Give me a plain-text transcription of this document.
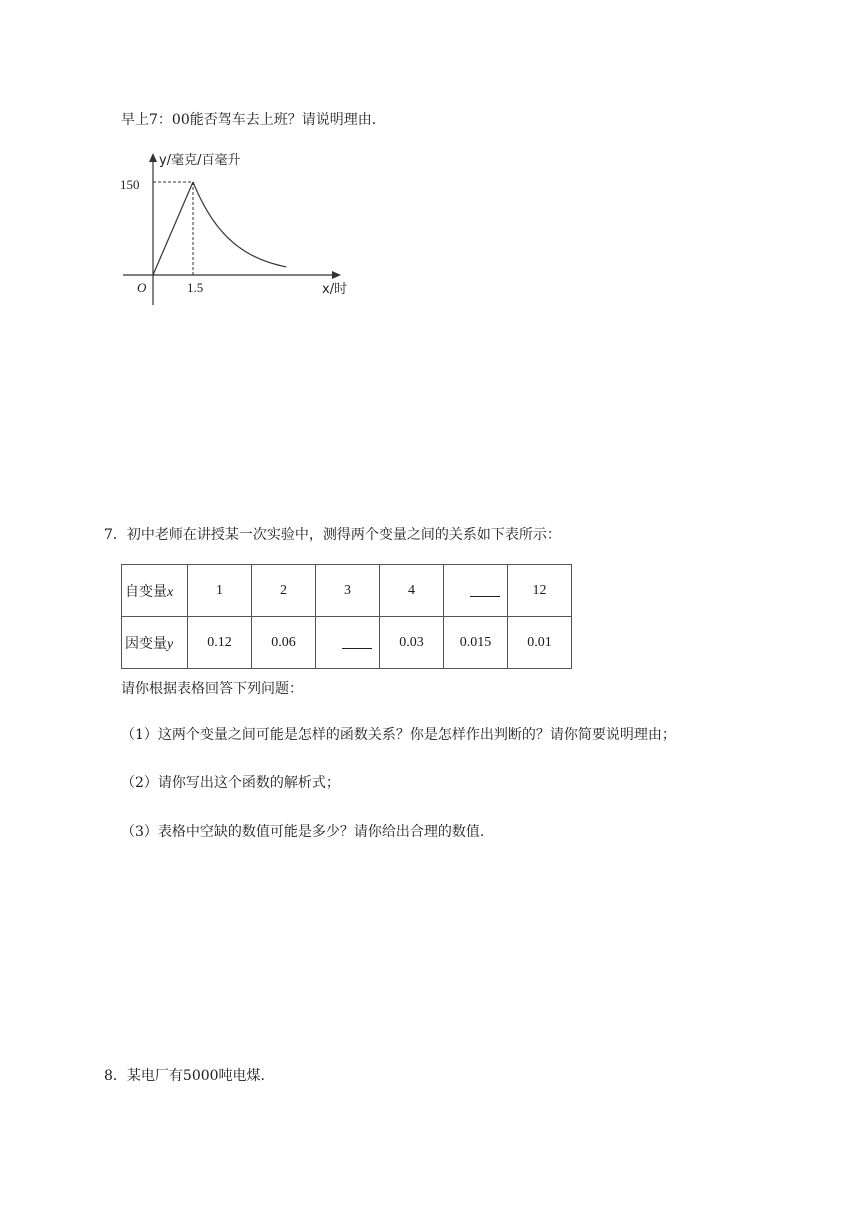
早上7：00能否驾车去上班？请说明理由.
y/毫克/百毫升
150
1.5
O	x/时
7．初中老师在讲授某一次实验中，测得两个变量之间的关系如下表所示：
自变量x	1	2	3	4		12
因变量y	0.12	0.06		0.03	0.015	0.01
请你根据表格回答下列问题：
（1）这两个变量之间可能是怎样的函数关系？你是怎样作出判断的？请你简要说明理由；
（2）请你写出这个函数的解析式；
（3）表格中空缺的数值可能是多少？请你给出合理的数值.
8．某电厂有5000吨电煤.
